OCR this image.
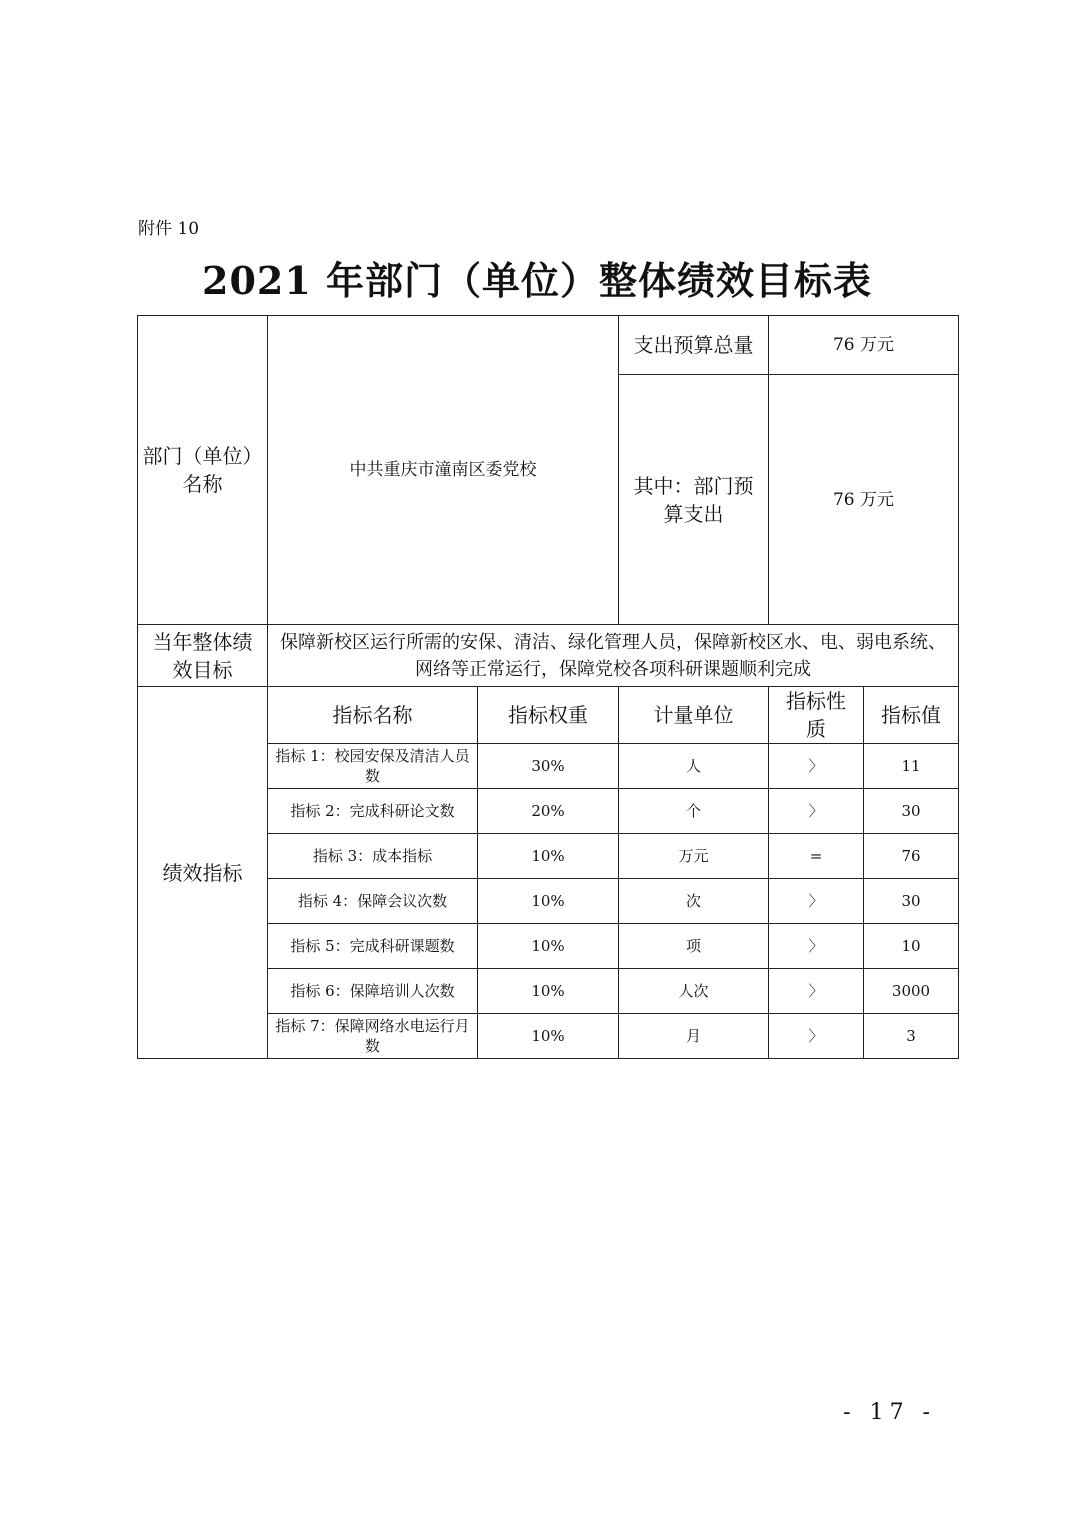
附件 10
2021 年部门（单位）整体绩效目标表
部门（单位）名称	中共重庆市潼南区委党校		支出预算总量	76 万元	
			其中：部门预算支出	76 万元	
当年整体绩效目标	保障新校区运行所需的安保、清洁、绿化管理人员，保障新校区水、电、弱电系统、网络等正常运行，保障党校各项科研课题顺利完成				
绩效指标	指标名称	指标权重	计量单位	指标性质	指标值
	指标 1：校园安保及清洁人员数	30%	人	〉	11
	指标 2：完成科研论文数	20%	个	〉	30
	指标 3：成本指标	10%	万元	=	76
	指标 4：保障会议次数	10%	次	〉	30
	指标 5：完成科研课题数	10%	项	〉	10
	指标 6：保障培训人次数	10%	人次	〉	3000
	指标 7：保障网络水电运行月数	10%	月	〉	3
- 17 -
